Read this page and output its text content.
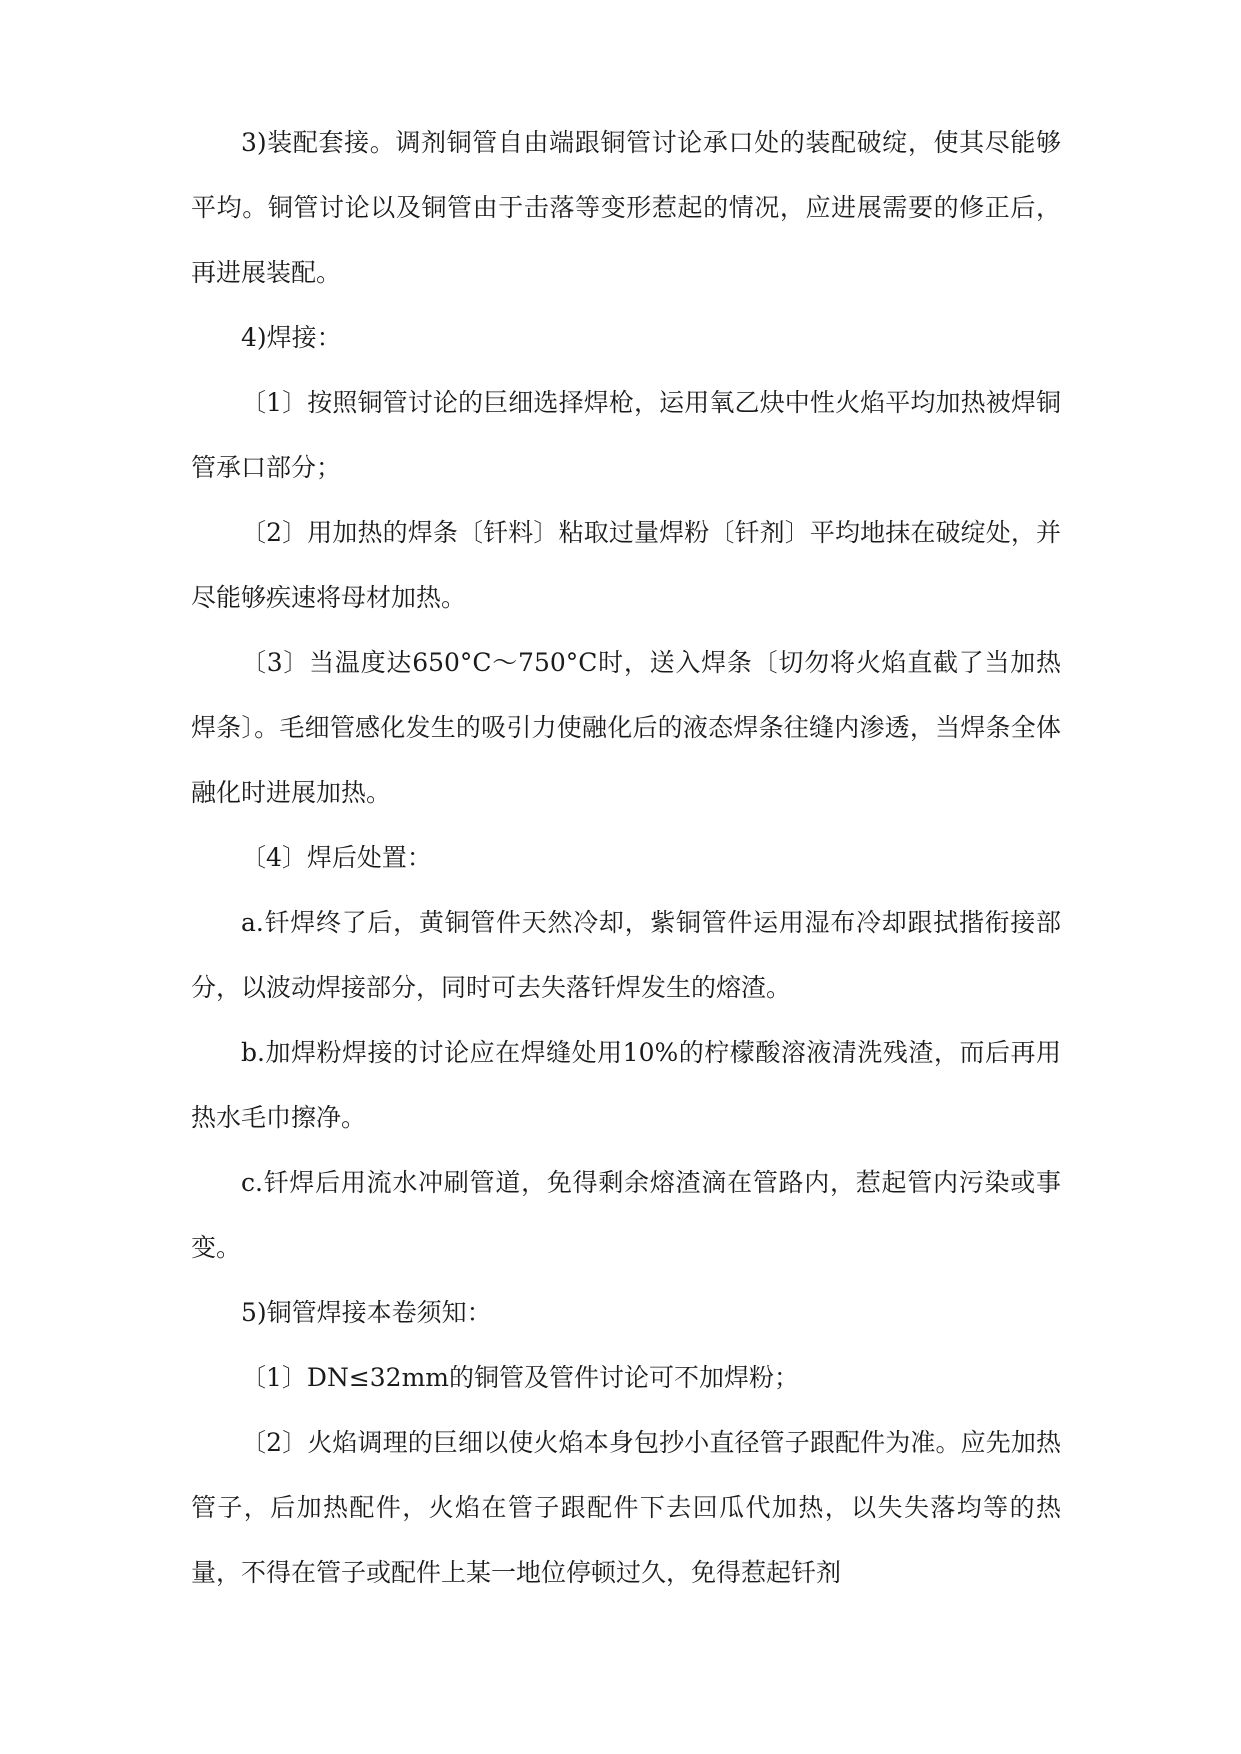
3)装配套接。调剂铜管自由端跟铜管讨论承口处的装配破绽，使其尽能够平均。铜管讨论以及铜管由于击落等变形惹起的情况，应进展需要的修正后，再进展装配。

4)焊接：

〔1〕按照铜管讨论的巨细选择焊枪，运用氧乙炔中性火焰平均加热被焊铜管承口部分；

〔2〕用加热的焊条〔钎料〕粘取过量焊粉〔钎剂〕平均地抹在破绽处，并尽能够疾速将母材加热。

〔3〕当温度达650°C～750°C时，送入焊条〔切勿将火焰直截了当加热焊条〕。毛细管感化发生的吸引力使融化后的液态焊条往缝内渗透，当焊条全体融化时进展加热。

〔4〕焊后处置：

a.钎焊终了后，黄铜管件天然冷却，紫铜管件运用湿布冷却跟拭揩衔接部分，以波动焊接部分，同时可去失落钎焊发生的熔渣。

b.加焊粉焊接的讨论应在焊缝处用10%的柠檬酸溶液清洗残渣，而后再用热水毛巾擦净。

c.钎焊后用流水冲刷管道，免得剩余熔渣滴在管路内，惹起管内污染或事变。

5)铜管焊接本卷须知：

〔1〕DN≤32mm的铜管及管件讨论可不加焊粉；

〔2〕火焰调理的巨细以使火焰本身包抄小直径管子跟配件为准。应先加热管子，后加热配件，火焰在管子跟配件下去回瓜代加热，以失失落均等的热量，不得在管子或配件上某一地位停顿过久，免得惹起钎剂
